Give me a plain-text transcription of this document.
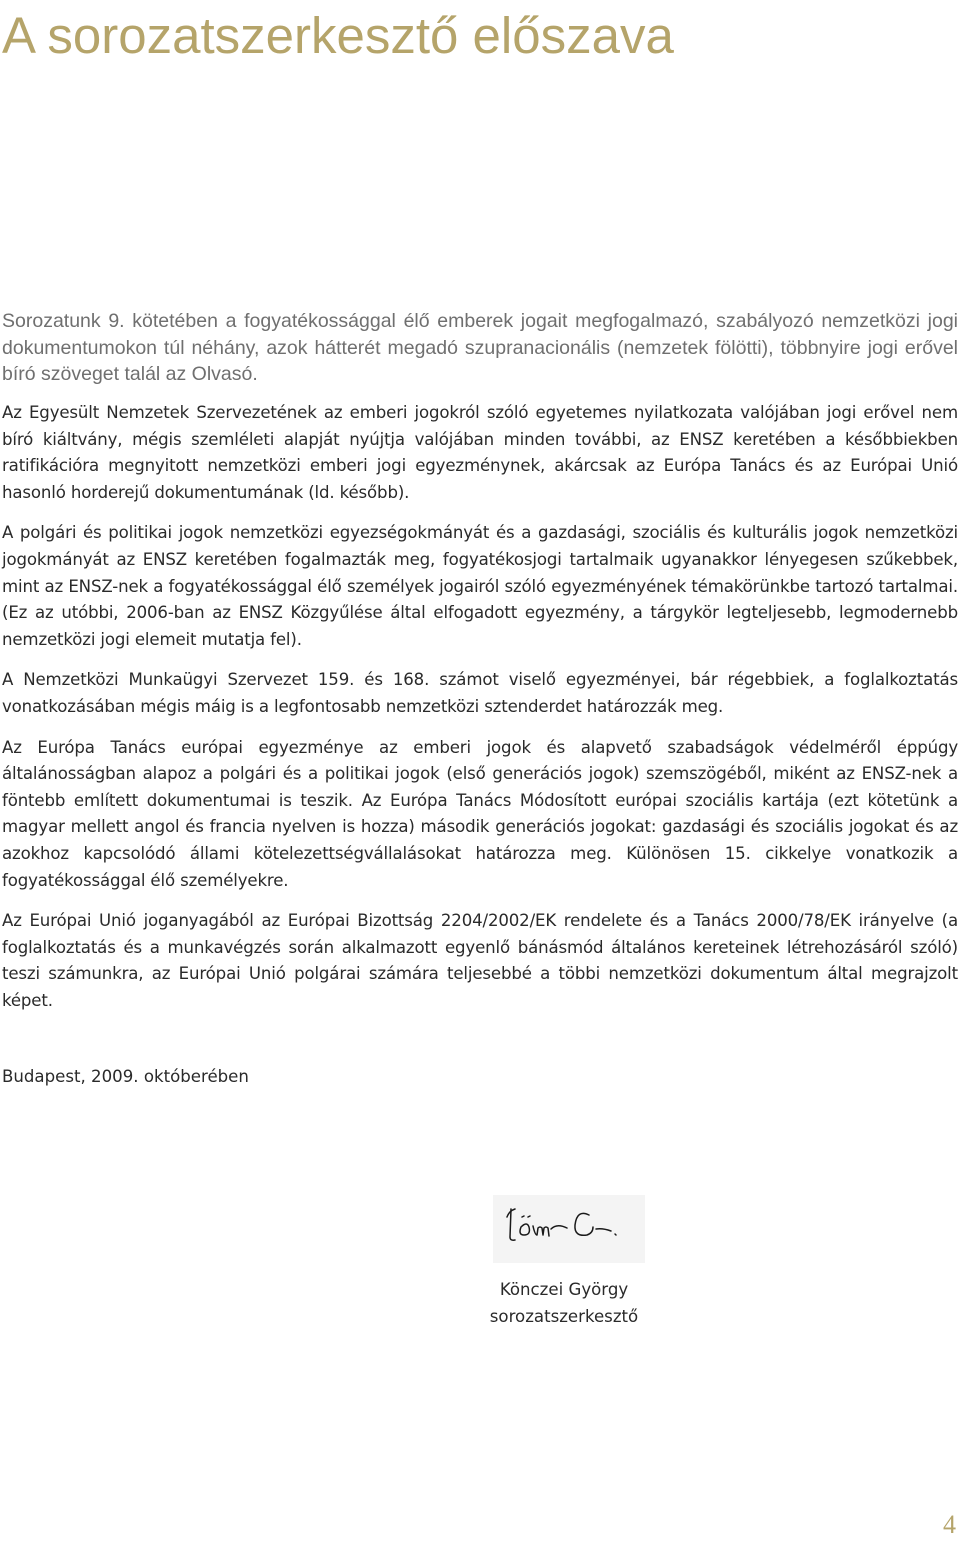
A sorozatszerkesztő előszava

Sorozatunk 9. kötetében a fogyatékossággal élő emberek jogait megfogalmazó, szabályozó nemzetközi jogi dokumentumokon túl néhány, azok hátterét megadó szupranacionális (nemzetek fölötti), többnyire jogi erővel bíró szöveget talál az Olvasó.

Az Egyesült Nemzetek Szervezetének az emberi jogokról szóló egyetemes nyilatkozata valójában jogi erővel nem bíró kiáltvány, mégis szemléleti alapját nyújtja valójában minden további, az ENSZ keretében a későbbiekben ratifikációra megnyitott nemzetközi emberi jogi egyezménynek, akárcsak az Európa Tanács és az Európai Unió hasonló horderejű dokumentumának (ld. később).

A polgári és politikai jogok nemzetközi egyezségokmányát és a gazdasági, szociális és kulturális jogok nemzetközi jogokmányát az ENSZ keretében fogalmazták meg, fogyatékosjogi tartalmaik ugyanakkor lényegesen szűkebbek, mint az ENSZ-nek a fogyatékossággal élő személyek jogairól szóló egyezményének témakörünkbe tartozó tartalmai. (Ez az utóbbi, 2006-ban az ENSZ Közgyűlése által elfogadott egyezmény, a tárgykör legteljesebb, legmodernebb nemzetközi jogi elemeit mutatja fel).

A Nemzetközi Munkaügyi Szervezet 159. és 168. számot viselő egyezményei, bár régebbiek, a foglalkoztatás vonatkozásában mégis máig is a legfontosabb nemzetközi sztenderdet határozzák meg.

Az Európa Tanács európai egyezménye az emberi jogok és alapvető szabadságok védelméről éppúgy általánosságban alapoz a polgári és a politikai jogok (első generációs jogok) szemszögéből, miként az ENSZ-nek a föntebb említett dokumentumai is teszik. Az Európa Tanács Módosított európai szociális kartája (ezt kötetünk a magyar mellett angol és francia nyelven is hozza) második generációs jogokat: gazdasági és szociális jogokat és az azokhoz kapcsolódó állami kötelezettségvállalásokat határozza meg. Különösen 15. cikkelye vonatkozik a fogyatékossággal élő személyekre.

Az Európai Unió joganyagából az Európai Bizottság 2204/2002/EK rendelete és a Tanács 2000/78/EK irányelve (a foglalkoztatás és a munkavégzés során alkalmazott egyenlő bánásmód általános kereteinek létrehozásáról szóló) teszi számunkra, az Európai Unió polgárai számára teljesebbé a többi nemzetközi dokumentum által megrajzolt képet.

Budapest, 2009. októberében

Könczei György
sorozatszerkesztő

4
